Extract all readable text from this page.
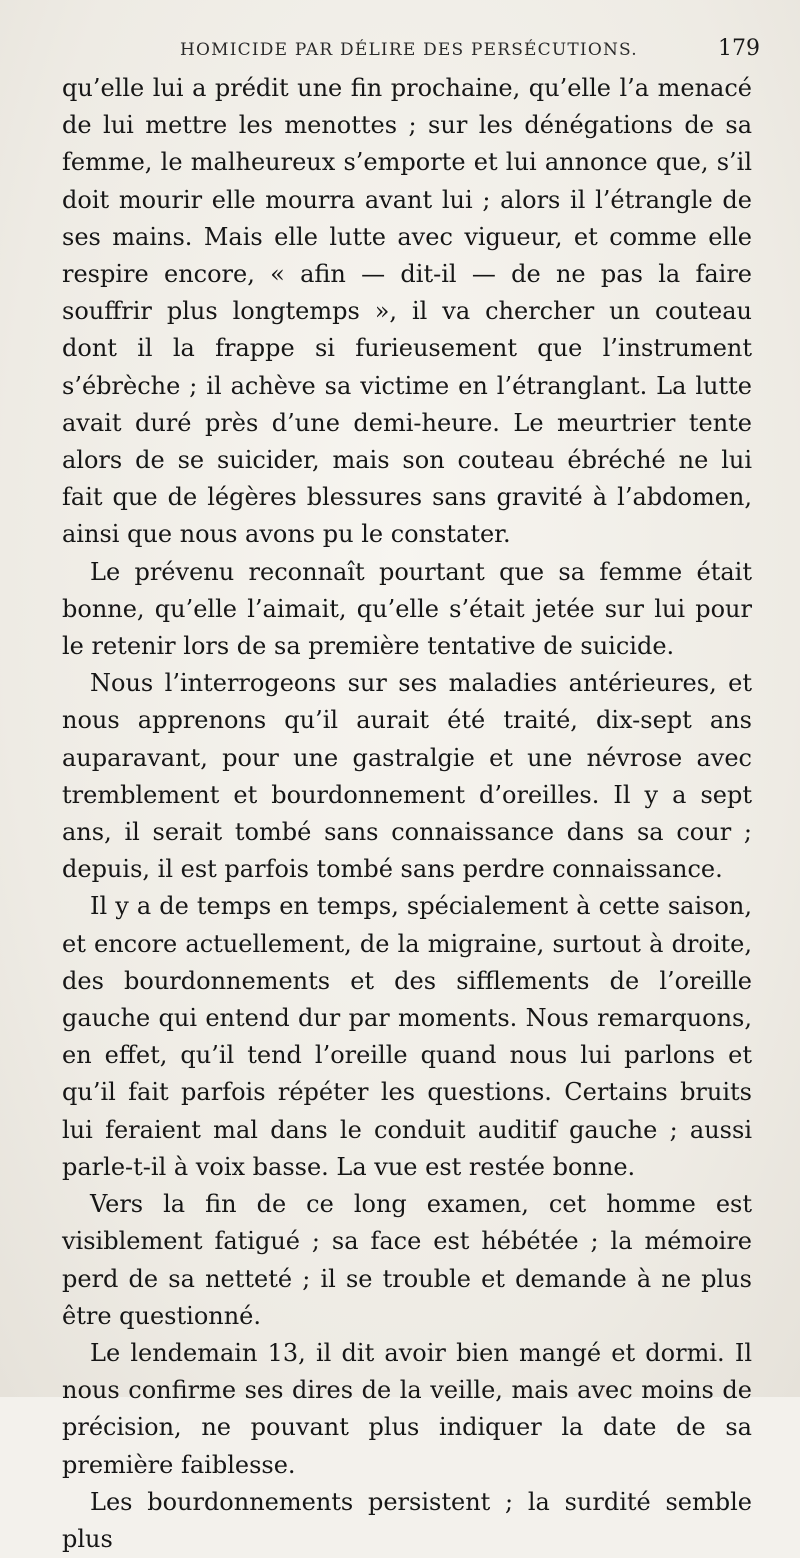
HOMICIDE PAR DÉLIRE DES PERSÉCUTIONS.	179

qu’elle lui a prédit une fin prochaine, qu’elle l’a menacé de lui mettre les menottes ; sur les dénégations de sa femme, le malheureux s’emporte et lui annonce que, s’il doit mourir elle mourra avant lui ; alors il l’étrangle de ses mains. Mais elle lutte avec vigueur, et comme elle respire encore, « afin — dit-il — de ne pas la faire souffrir plus longtemps », il va chercher un couteau dont il la frappe si furieusement que l’instrument s’ébrèche ; il achève sa victime en l’étranglant. La lutte avait duré près d’une demi-heure. Le meurtrier tente alors de se suicider, mais son couteau ébréché ne lui fait que de légères blessures sans gravité à l’abdomen, ainsi que nous avons pu le constater.

Le prévenu reconnaît pourtant que sa femme était bonne, qu’elle l’aimait, qu’elle s’était jetée sur lui pour le retenir lors de sa première tentative de suicide.

Nous l’interrogeons sur ses maladies antérieures, et nous apprenons qu’il aurait été traité, dix-sept ans auparavant, pour une gastralgie et une névrose avec tremblement et bourdonnement d’oreilles. Il y a sept ans, il serait tombé sans connaissance dans sa cour ; depuis, il est parfois tombé sans perdre connaissance.

Il y a de temps en temps, spécialement à cette saison, et encore actuellement, de la migraine, surtout à droite, des bourdonnements et des sifflements de l’oreille gauche qui entend dur par moments. Nous remarquons, en effet, qu’il tend l’oreille quand nous lui parlons et qu’il fait parfois répéter les questions. Certains bruits lui feraient mal dans le conduit auditif gauche ; aussi parle-t-il à voix basse. La vue est restée bonne.

Vers la fin de ce long examen, cet homme est visiblement fatigué ; sa face est hébétée ; la mémoire perd de sa netteté ; il se trouble et demande à ne plus être questionné.

Le lendemain 13, il dit avoir bien mangé et dormi. Il nous confirme ses dires de la veille, mais avec moins de précision, ne pouvant plus indiquer la date de sa première faiblesse.

Les bourdonnements persistent ; la surdité semble plus
